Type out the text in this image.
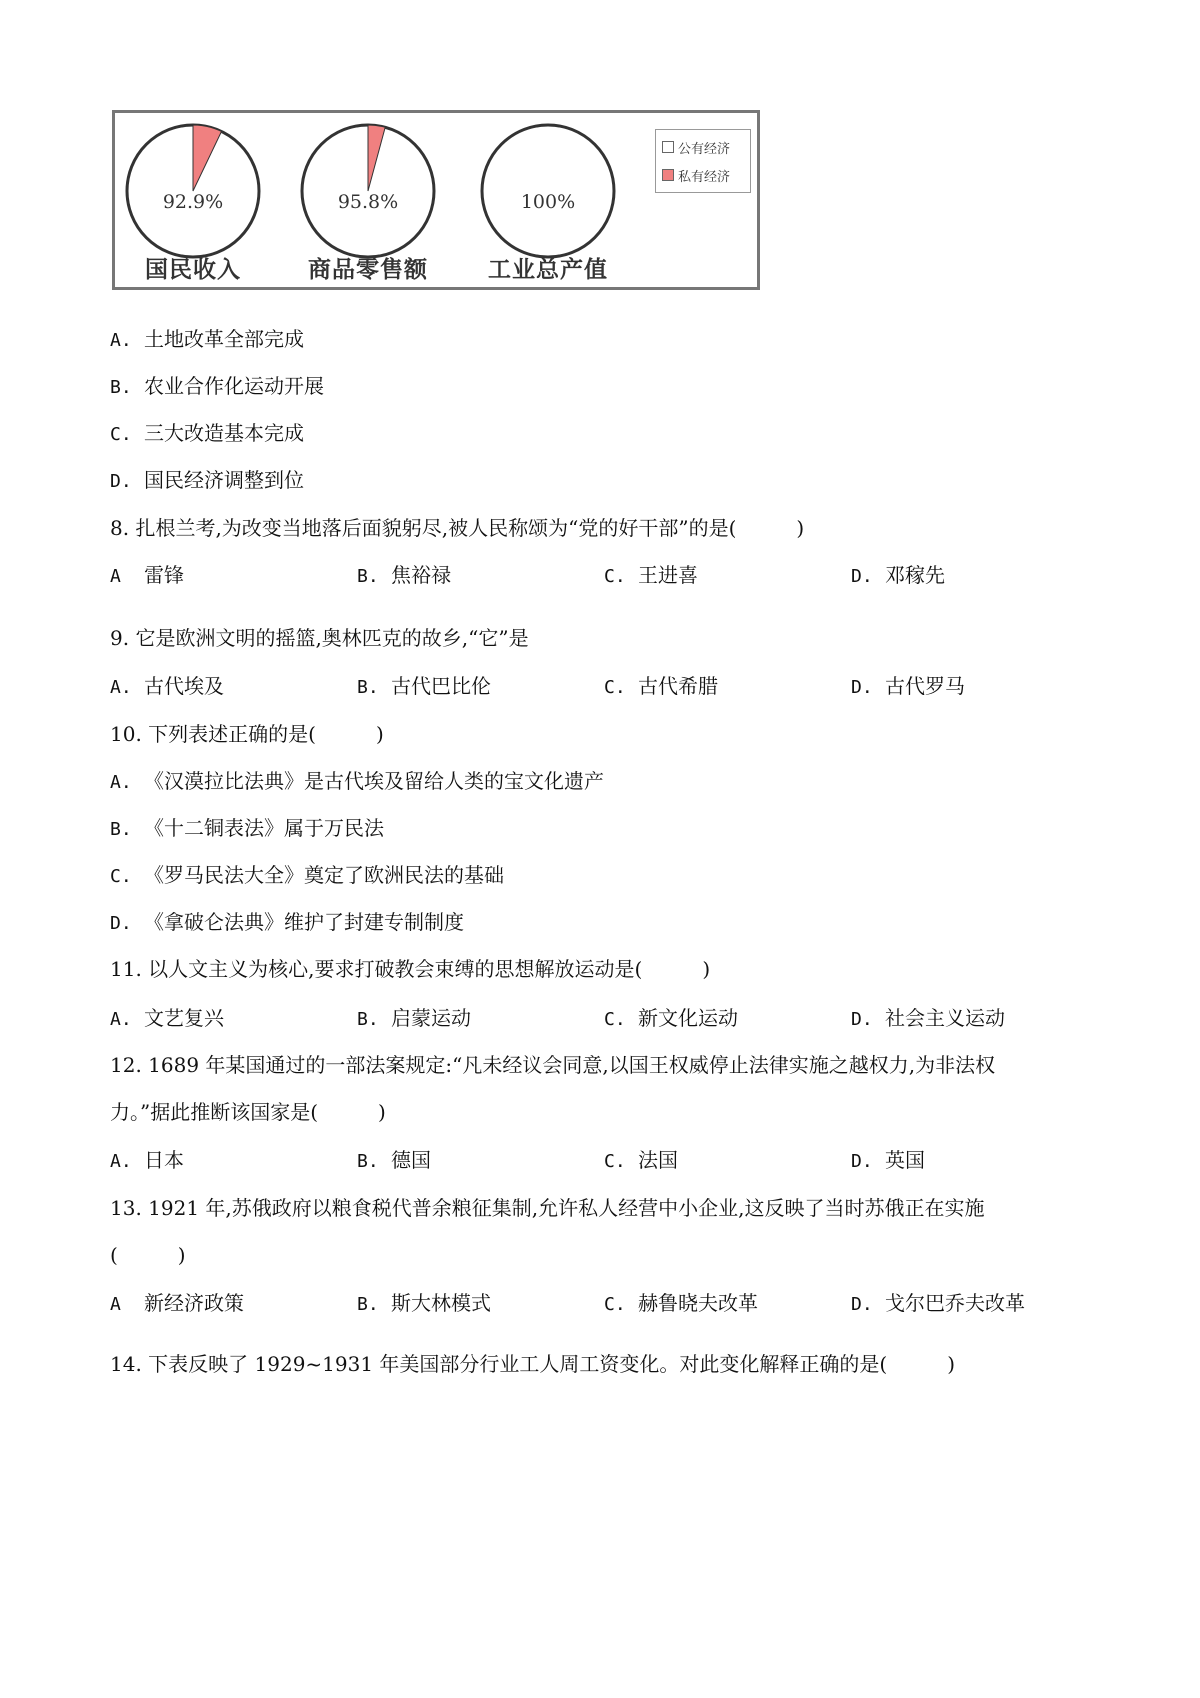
92.9%
国民收入
95.8%
商品零售额
100%
工业总产值
公有经济
私有经济
A. 土地改革全部完成
B. 农业合作化运动开展
C. 三大改造基本完成
D. 国民经济调整到位
8. 扎根兰考,为改变当地落后面貌躬尽,被人民称颂为“党的好干部”的是(　　　)
A 雷锋	B. 焦裕禄	C. 王进喜	D. 邓稼先
9. 它是欧洲文明的摇篮,奥林匹克的故乡,“它”是
A. 古代埃及	B. 古代巴比伦	C. 古代希腊	D. 古代罗马
10. 下列表述正确的是(　　　)
A. 《汉漠拉比法典》是古代埃及留给人类的宝文化遗产
B. 《十二铜表法》属于万民法
C. 《罗马民法大全》奠定了欧洲民法的基础
D. 《拿破仑法典》维护了封建专制制度
11. 以人文主义为核心,要求打破教会束缚的思想解放运动是(　　　)
A. 文艺复兴	B. 启蒙运动	C. 新文化运动	D. 社会主义运动
12. 1689 年某国通过的一部法案规定:“凡未经议会同意,以国王权威停止法律实施之越权力,为非法权
力。”据此推断该国家是(　　　)
A. 日本	B. 德国	C. 法国	D. 英国
13. 1921 年,苏俄政府以粮食税代普余粮征集制,允许私人经营中小企业,这反映了当时苏俄正在实施
(　　　)
A 新经济政策	B. 斯大林模式	C. 赫鲁晓夫改革	D. 戈尔巴乔夫改革
14. 下表反映了 1929~1931 年美国部分行业工人周工资变化。对此变化解释正确的是(　　　)
